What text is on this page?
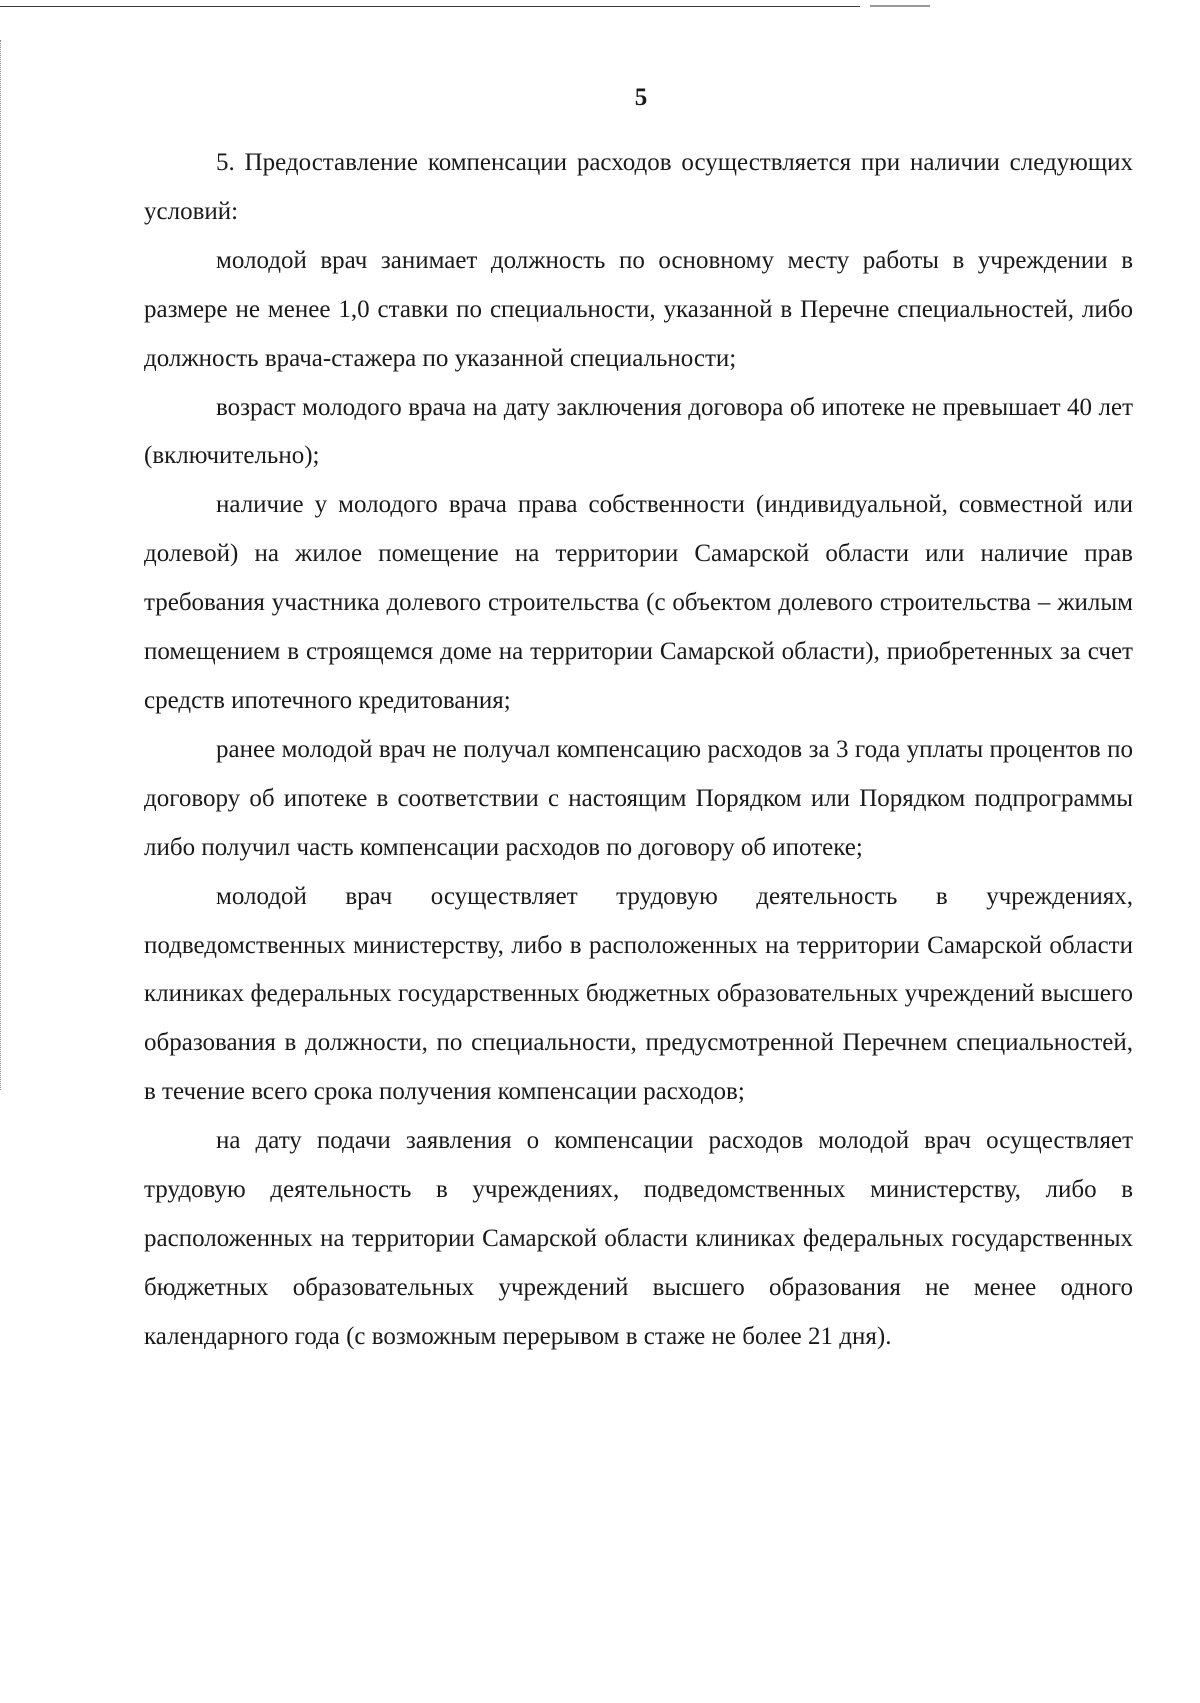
5

5. Предоставление компенсации расходов осуществляется при наличии следующих условий:

молодой врач занимает должность по основному месту работы в учреждении в размере не менее 1,0 ставки по специальности, указанной в Перечне специальностей, либо должность врача-стажера по указанной специальности;

возраст молодого врача на дату заключения договора об ипотеке не превышает 40 лет (включительно);

наличие у молодого врача права собственности (индивидуальной, совместной или долевой) на жилое помещение на территории Самарской области или наличие прав требования участника долевого строительства (с объектом долевого строительства – жилым помещением в строящемся доме на территории Самарской области), приобретенных за счет средств ипотечного кредитования;

ранее молодой врач не получал компенсацию расходов за 3 года уплаты процентов по договору об ипотеке в соответствии с настоящим Порядком или Порядком подпрограммы либо получил часть компенсации расходов по договору об ипотеке;

молодой врач осуществляет трудовую деятельность в учреждениях, подведомственных министерству, либо в расположенных на территории Самарской области клиниках федеральных государственных бюджетных образовательных учреждений высшего образования в должности, по специальности, предусмотренной Перечнем специальностей, в течение всего срока получения компенсации расходов;

на дату подачи заявления о компенсации расходов молодой врач осуществляет трудовую деятельность в учреждениях, подведомственных министерству, либо в расположенных на территории Самарской области клиниках федеральных государственных бюджетных образовательных учреждений высшего образования не менее одного календарного года (с возможным перерывом в стаже не более 21 дня).
